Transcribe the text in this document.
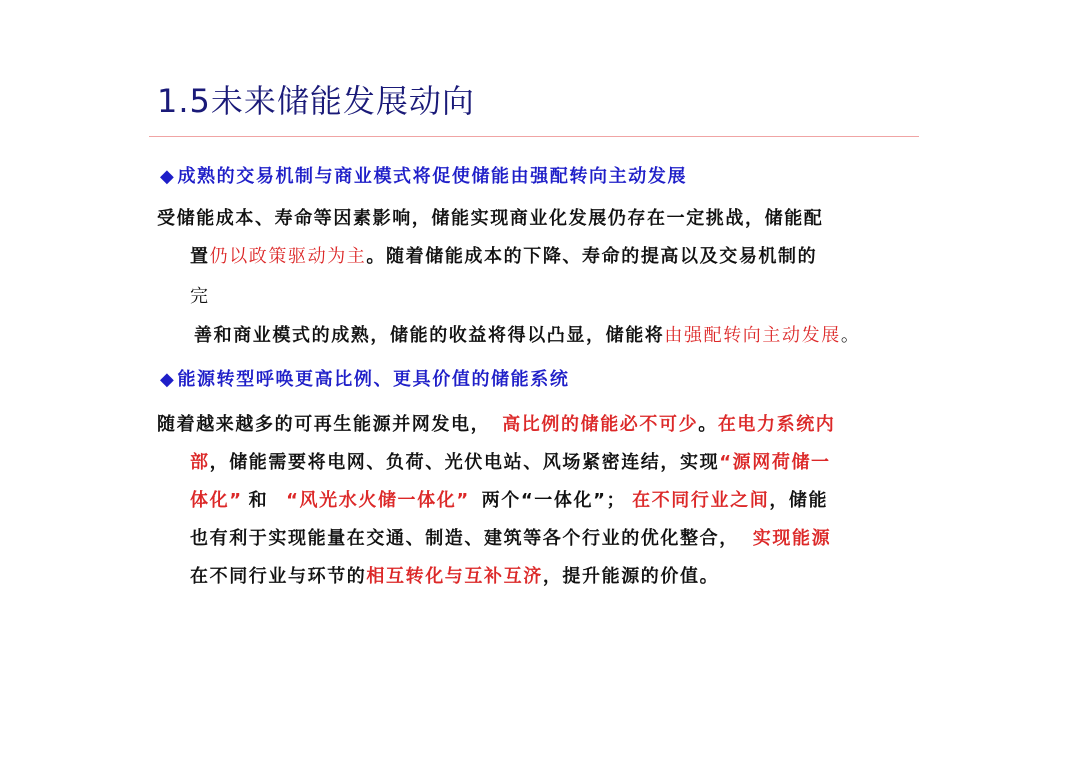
1.5未来储能发展动向
◆ 成熟的交易机制与商业模式将促使储能由强配转向主动发展
受储能成本、寿命等因素影响，储能实现商业化发展仍存在一定挑战，储能配
置仍以政策驱动为主。随着储能成本的下降、寿命的提高以及交易机制的
完
善和商业模式的成熟，储能的收益将得以凸显，储能将由强配转向主动发展。
◆ 能源转型呼唤更高比例、更具价值的储能系统
随着越来越多的可再生能源并网发电， 高比例的储能必不可少。在电力系统内
部，储能需要将电网、负荷、光伏电站、风场紧密连结，实现“源网荷储一
体化” 和 “风光水火储一体化” 两个“一体化”； 在不同行业之间，储能
也有利于实现能量在交通、制造、建筑等各个行业的优化整合， 实现能源
在不同行业与环节的相互转化与互补互济，提升能源的价值。
